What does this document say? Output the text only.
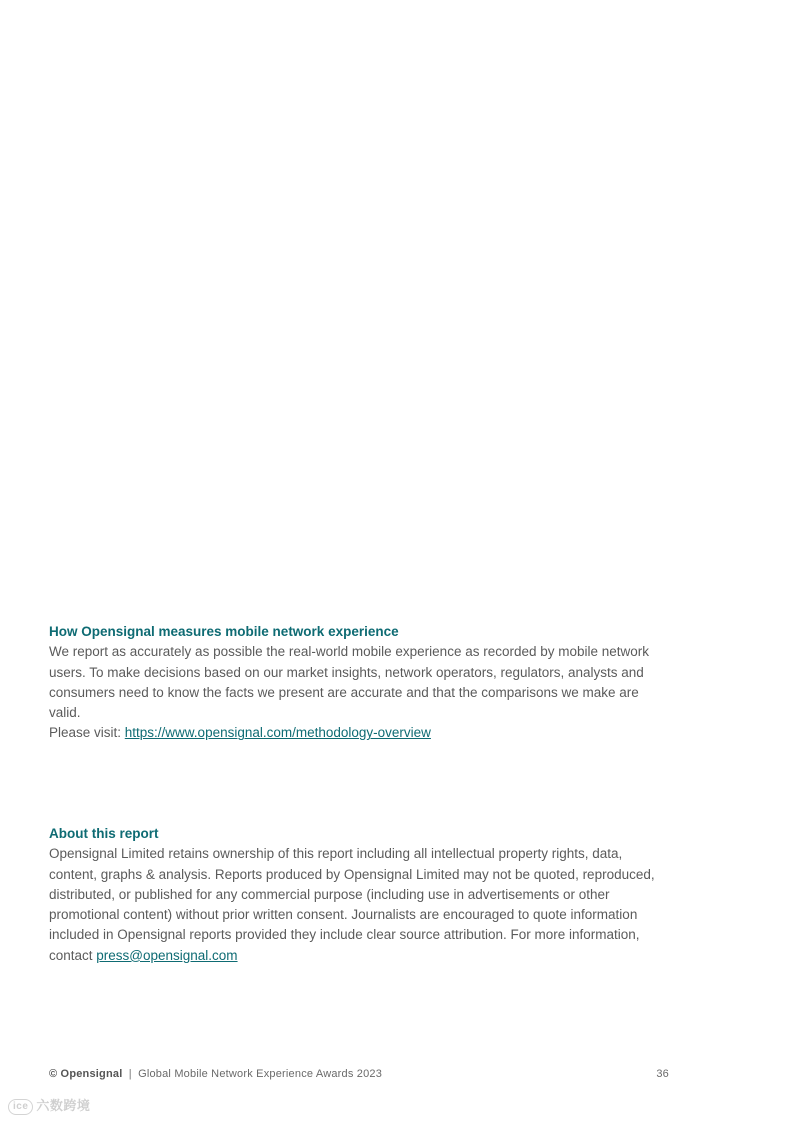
How Opensignal measures mobile network experience

We report as accurately as possible the real-world mobile experience as recorded by mobile network users. To make decisions based on our market insights, network operators, regulators, analysts and consumers need to know the facts we present are accurate and that the comparisons we make are valid.
Please visit: https://www.opensignal.com/methodology-overview

About this report

Opensignal Limited retains ownership of this report including all intellectual property rights, data, content, graphs & analysis. Reports produced by Opensignal Limited may not be quoted, reproduced, distributed, or published for any commercial purpose (including use in advertisements or other promotional content) without prior written consent. Journalists are encouraged to quote information included in Opensignal reports provided they include clear source attribution. For more information, contact press@opensignal.com

© Opensignal | Global Mobile Network Experience Awards 2023	36
ice 六数跨境
